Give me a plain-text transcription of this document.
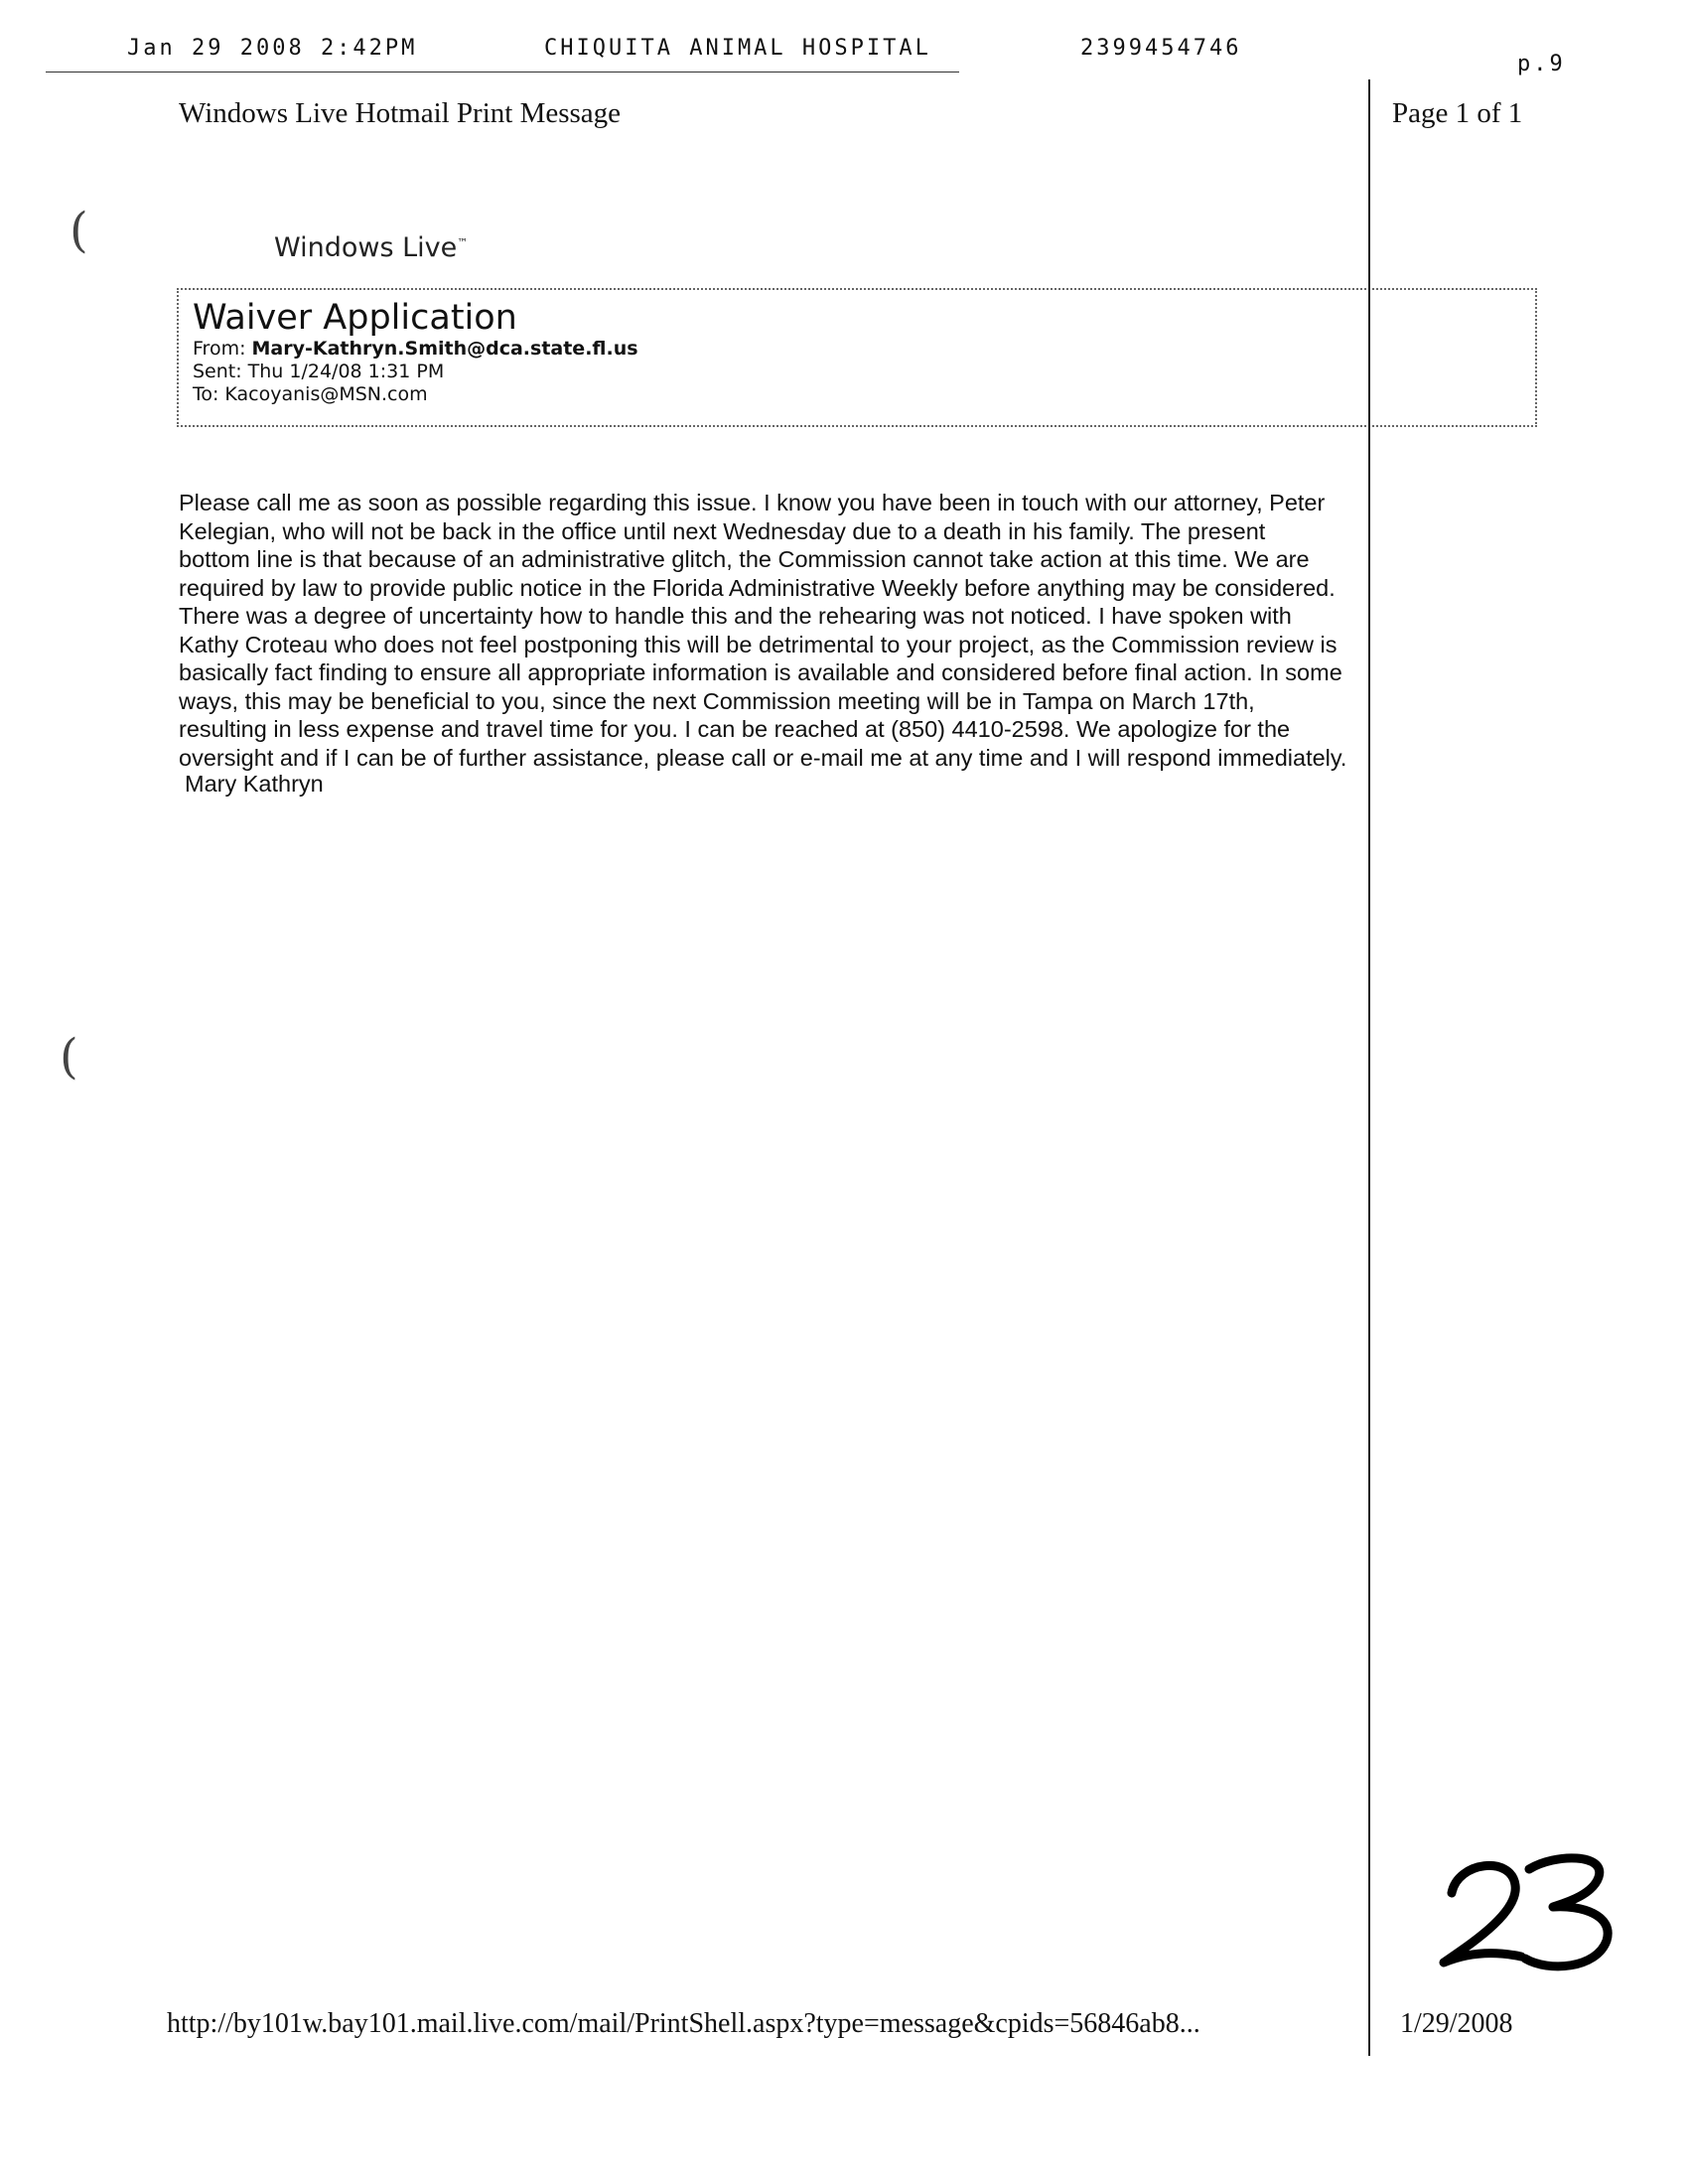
Jan 29 2008 2:42PM	CHIQUITA ANIMAL HOSPITAL	2399454746
p.9
Windows Live Hotmail Print Message	Page 1 of 1
(
(
Windows Live™
Waiver Application
From: Mary-Kathryn.Smith@dca.state.fl.us
Sent: Thu 1/24/08 1:31 PM
To: Kacoyanis@MSN.com

Please call me as soon as possible regarding this issue. I know you have been in touch with our attorney, Peter

Kelegian, who will not be back in the office until next Wednesday due to a death in his family. The present

bottom line is that because of an administrative glitch, the Commission cannot take action at this time. We are

required by law to provide public notice in the Florida Administrative Weekly before anything may be considered.

There was a degree of uncertainty how to handle this and the rehearing was not noticed. I have spoken with

Kathy Croteau who does not feel postponing this will be detrimental to your project, as the Commission review is

basically fact finding to ensure all appropriate information is available and considered before final action. In some

ways, this may be beneficial to you, since the next Commission meeting will be in Tampa on March 17th,

resulting in less expense and travel time for you. I can be reached at (850) 4410-2598. We apologize for the

oversight and if I can be of further assistance, please call or e-mail me at any time and I will respond immediately.

Mary Kathryn
http://by101w.bay101.mail.live.com/mail/PrintShell.aspx?type=message&cpids=56846ab8...	1/29/2008
